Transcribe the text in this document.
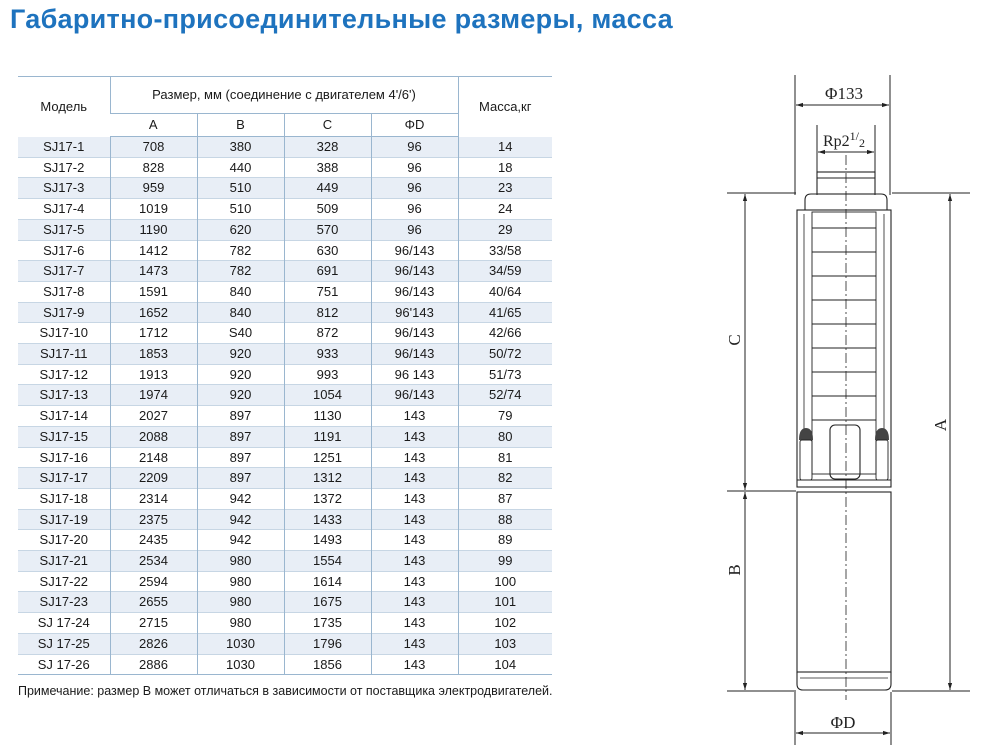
Габаритно-присоединительные размеры, масса
Модель	Размер, мм (соединение с двигателем 4'/6')				Масса,кг
	A	B	C	ΦD	
SJ17-1	708	380	328	96	14
SJ17-2	828	440	388	96	18
SJ17-3	959	510	449	96	23
SJ17-4	1019	510	509	96	24
SJ17-5	1190	620	570	96	29
SJ17-6	1412	782	630	96/143	33/58
SJ17-7	1473	782	691	96/143	34/59
SJ17-8	1591	840	751	96/143	40/64
SJ17-9	1652	840	812	96'143	41/65
SJ17-10	1712	S40	872	96/143	42/66
SJ17-11	1853	920	933	96/143	50/72
SJ17-12	1913	920	993	96 143	51/73
SJ17-13	1974	920	1054	96/143	52/74
SJ17-14	2027	897	1130	143	79
SJ17-15	2088	897	1191	143	80
SJ17-16	2148	897	1251	143	81
SJ17-17	2209	897	1312	143	82
SJ17-18	2314	942	1372	143	87
SJ17-19	2375	942	1433	143	88
SJ17-20	2435	942	1493	143	89
SJ17-21	2534	980	1554	143	99
SJ17-22	2594	980	1614	143	100
SJ17-23	2655	980	1675	143	101
SJ 17-24	2715	980	1735	143	102
SJ 17-25	2826	1030	1796	143	103
SJ 17-26	2886	1030	1856	143	104
Примечание: размер B может отличаться в зависимости от поставщика электродвигателей.
Φ133
$Rp2^1/_2$
C
B
A
ΦD
